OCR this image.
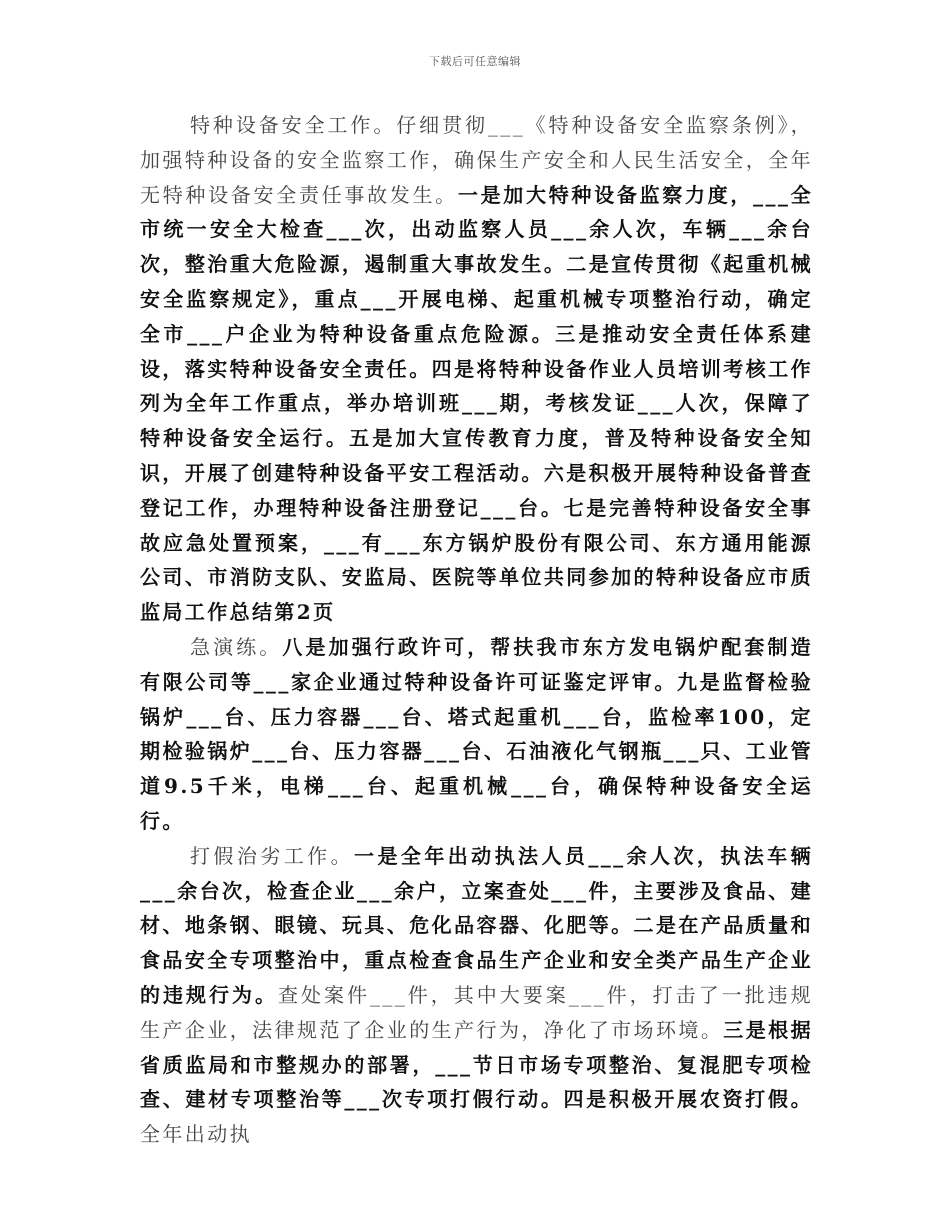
下载后可任意编辑

特种设备安全工作。仔细贯彻___《特种设备安全监察条例》，加强特种设备的安全监察工作，确保生产安全和人民生活安全，全年无特种设备安全责任事故发生。一是加大特种设备监察力度，___全市统一安全大检查___次，出动监察人员___余人次，车辆___余台次，整治重大危险源，遏制重大事故发生。二是宣传贯彻《起重机械安全监察规定》，重点___开展电梯、起重机械专项整治行动，确定全市___户企业为特种设备重点危险源。三是推动安全责任体系建设，落实特种设备安全责任。四是将特种设备作业人员培训考核工作列为全年工作重点，举办培训班___期，考核发证___人次，保障了特种设备安全运行。五是加大宣传教育力度，普及特种设备安全知识，开展了创建特种设备平安工程活动。六是积极开展特种设备普查登记工作，办理特种设备注册登记___台。七是完善特种设备安全事故应急处置预案，___有___东方锅炉股份有限公司、东方通用能源公司、市消防支队、安监局、医院等单位共同参加的特种设备应市质监局工作总结第2页

急演练。八是加强行政许可，帮扶我市东方发电锅炉配套制造有限公司等___家企业通过特种设备许可证鉴定评审。九是监督检验锅炉___台、压力容器___台、塔式起重机___台，监检率100，定期检验锅炉___台、压力容器___台、石油液化气钢瓶___只、工业管道9.5千米，电梯___台、起重机械___台，确保特种设备安全运行。

打假治劣工作。一是全年出动执法人员___余人次，执法车辆___余台次，检查企业___余户，立案查处___件，主要涉及食品、建材、地条钢、眼镜、玩具、危化品容器、化肥等。二是在产品质量和食品安全专项整治中，重点检查食品生产企业和安全类产品生产企业的违规行为。查处案件___件，其中大要案___件，打击了一批违规生产企业，法律规范了企业的生产行为，净化了市场环境。三是根据省质监局和市整规办的部署，___节日市场专项整治、复混肥专项检查、建材专项整治等___次专项打假行动。四是积极开展农资打假。全年出动执
